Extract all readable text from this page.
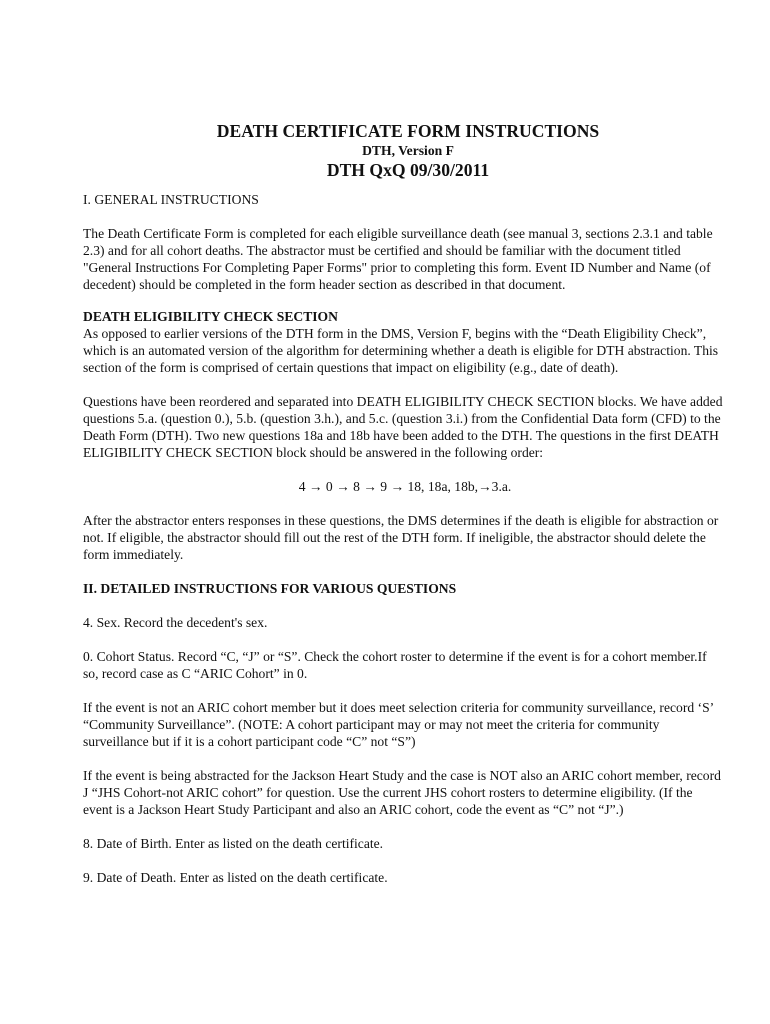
DEATH CERTIFICATE FORM INSTRUCTIONS
DTH, Version F
DTH QxQ 09/30/2011

I. GENERAL INSTRUCTIONS

The Death Certificate Form is completed for each eligible surveillance death (see manual 3, sections 2.3.1 and table 2.3) and for all cohort deaths. The abstractor must be certified and should be familiar with the document titled "General Instructions For Completing Paper Forms" prior to completing this form. Event ID Number and Name (of decedent) should be completed in the form header section as described in that document.

DEATH ELIGIBILITY CHECK SECTION

As opposed to earlier versions of the DTH form in the DMS, Version F, begins with the “Death Eligibility Check”, which is an automated version of the algorithm for determining whether a death is eligible for DTH abstraction. This section of the form is comprised of certain questions that impact on eligibility (e.g., date of death).

Questions have been reordered and separated into DEATH ELIGIBILITY CHECK SECTION blocks. We have added questions 5.a. (question 0.), 5.b. (question 3.h.), and 5.c. (question 3.i.) from the Confidential Data form (CFD) to the Death Form (DTH). Two new questions 18a and 18b have been added to the DTH. The questions in the first DEATH ELIGIBILITY CHECK SECTION block should be answered in the following order:

4 → 0 → 8 → 9 → 18, 18a, 18b,→3.a.

After the abstractor enters responses in these questions, the DMS determines if the death is eligible for abstraction or not. If eligible, the abstractor should fill out the rest of the DTH form. If ineligible, the abstractor should delete the form immediately.

II. DETAILED INSTRUCTIONS FOR VARIOUS QUESTIONS

4. Sex. Record the decedent's sex.

0. Cohort Status. Record “C, “J” or “S”. Check the cohort roster to determine if the event is for a cohort member.If so, record case as C “ARIC Cohort” in 0.

If the event is not an ARIC cohort member but it does meet selection criteria for community surveillance, record ‘S’ “Community Surveillance”. (NOTE: A cohort participant may or may not meet the criteria for community surveillance but if it is a cohort participant code “C” not “S”)

If the event is being abstracted for the Jackson Heart Study and the case is NOT also an ARIC cohort member, record J “JHS Cohort-not ARIC cohort” for question. Use the current JHS cohort rosters to determine eligibility. (If the event is a Jackson Heart Study Participant and also an ARIC cohort, code the event as “C” not “J”.)

8. Date of Birth. Enter as listed on the death certificate.

9. Date of Death. Enter as listed on the death certificate.
